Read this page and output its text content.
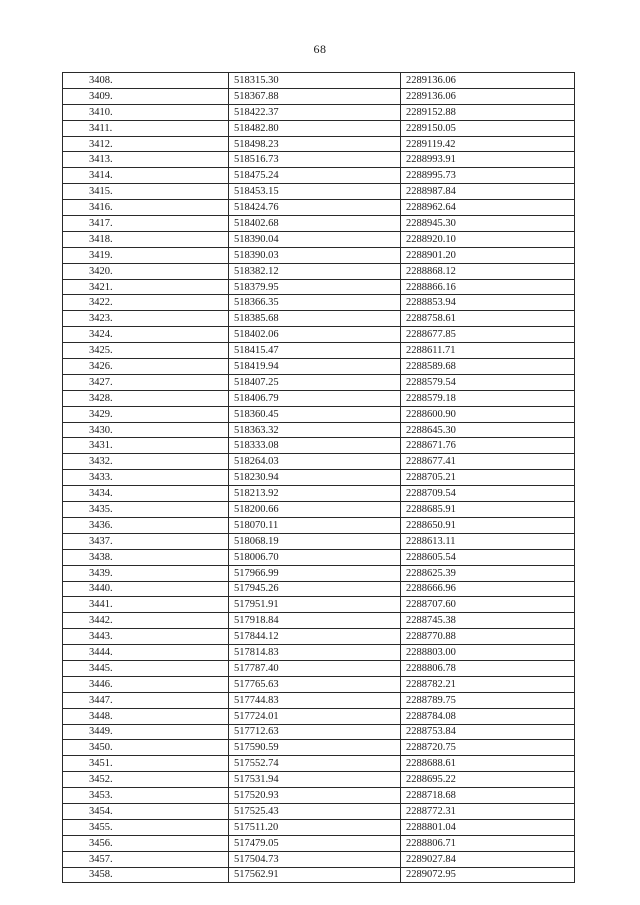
68
3408.	518315.30	2289136.06
3409.	518367.88	2289136.06
3410.	518422.37	2289152.88
3411.	518482.80	2289150.05
3412.	518498.23	2289119.42
3413.	518516.73	2288993.91
3414.	518475.24	2288995.73
3415.	518453.15	2288987.84
3416.	518424.76	2288962.64
3417.	518402.68	2288945.30
3418.	518390.04	2288920.10
3419.	518390.03	2288901.20
3420.	518382.12	2288868.12
3421.	518379.95	2288866.16
3422.	518366.35	2288853.94
3423.	518385.68	2288758.61
3424.	518402.06	2288677.85
3425.	518415.47	2288611.71
3426.	518419.94	2288589.68
3427.	518407.25	2288579.54
3428.	518406.79	2288579.18
3429.	518360.45	2288600.90
3430.	518363.32	2288645.30
3431.	518333.08	2288671.76
3432.	518264.03	2288677.41
3433.	518230.94	2288705.21
3434.	518213.92	2288709.54
3435.	518200.66	2288685.91
3436.	518070.11	2288650.91
3437.	518068.19	2288613.11
3438.	518006.70	2288605.54
3439.	517966.99	2288625.39
3440.	517945.26	2288666.96
3441.	517951.91	2288707.60
3442.	517918.84	2288745.38
3443.	517844.12	2288770.88
3444.	517814.83	2288803.00
3445.	517787.40	2288806.78
3446.	517765.63	2288782.21
3447.	517744.83	2288789.75
3448.	517724.01	2288784.08
3449.	517712.63	2288753.84
3450.	517590.59	2288720.75
3451.	517552.74	2288688.61
3452.	517531.94	2288695.22
3453.	517520.93	2288718.68
3454.	517525.43	2288772.31
3455.	517511.20	2288801.04
3456.	517479.05	2288806.71
3457.	517504.73	2289027.84
3458.	517562.91	2289072.95
